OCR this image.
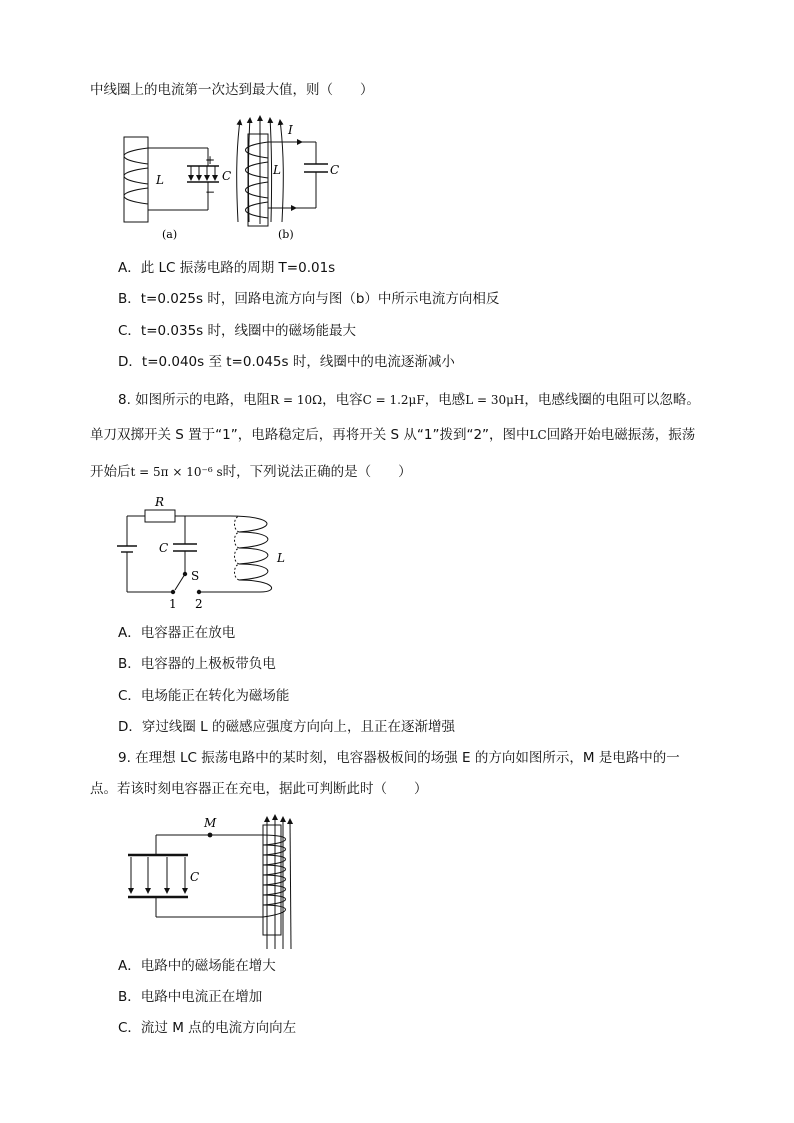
中线圈上的电流第一次达到最大值，则（　　）
L	C
+
−
(a)
I
L	C
(b)
A．此 LC 振荡电路的周期 T=0.01s
B．t=0.025s 时，回路电流方向与图（b）中所示电流方向相反
C．t=0.035s 时，线圈中的磁场能最大
D．t=0.040s 至 t=0.045s 时，线圈中的电流逐渐减小
8. 如图所示的电路，电阻R = 10Ω，电容C = 1.2μF，电感L = 30μH，电感线圈的电阻可以忽略。
单刀双掷开关 S 置于“1”，电路稳定后，再将开关 S 从“1”拨到“2”，图中LC回路开始电磁振荡，振荡
开始后t = 5π × 10⁻⁶ s时，下列说法正确的是（　　）
R
C
S
L
1 2
A．电容器正在放电
B．电容器的上极板带负电
C．电场能正在转化为磁场能
D．穿过线圈 L 的磁感应强度方向向上，且正在逐渐增强
9. 在理想 LC 振荡电路中的某时刻，电容器极板间的场强 E 的方向如图所示，M 是电路中的一
点。若该时刻电容器正在充电，据此可判断此时（　　）
M
C
A．电路中的磁场能在增大
B．电路中电流正在增加
C．流过 M 点的电流方向向左
